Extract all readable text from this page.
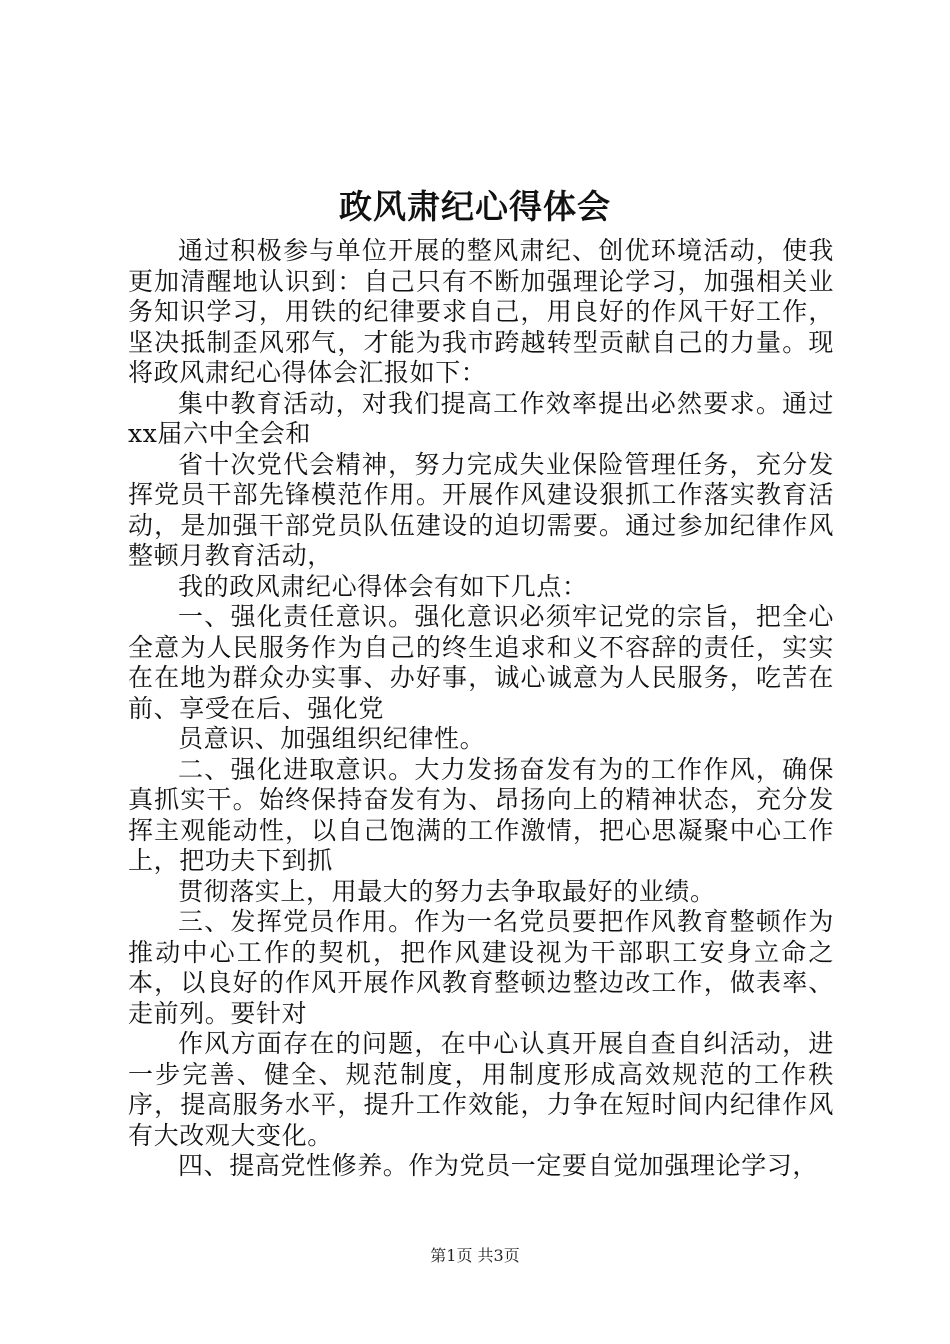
政风肃纪心得体会

通过积极参与单位开展的整风肃纪、创优环境活动，使我更加清醒地认识到：自己只有不断加强理论学习，加强相关业务知识学习，用铁的纪律要求自己，用良好的作风干好工作，坚决抵制歪风邪气，才能为我市跨越转型贡献自己的力量。现将政风肃纪心得体会汇报如下：

集中教育活动，对我们提高工作效率提出必然要求。通过xx届六中全会和

省十次党代会精神，努力完成失业保险管理任务，充分发挥党员干部先锋模范作用。开展作风建设狠抓工作落实教育活动，是加强干部党员队伍建设的迫切需要。通过参加纪律作风整顿月教育活动，

我的政风肃纪心得体会有如下几点：

一、强化责任意识。强化意识必须牢记党的宗旨，把全心全意为人民服务作为自己的终生追求和义不容辞的责任，实实在在地为群众办实事、办好事，诚心诚意为人民服务，吃苦在前、享受在后、强化党

员意识、加强组织纪律性。

二、强化进取意识。大力发扬奋发有为的工作作风，确保真抓实干。始终保持奋发有为、昂扬向上的精神状态，充分发挥主观能动性，以自己饱满的工作激情，把心思凝聚中心工作上，把功夫下到抓

贯彻落实上，用最大的努力去争取最好的业绩。

三、发挥党员作用。作为一名党员要把作风教育整顿作为推动中心工作的契机，把作风建设视为干部职工安身立命之本，以良好的作风开展作风教育整顿边整边改工作，做表率、走前列。要针对

作风方面存在的问题，在中心认真开展自查自纠活动，进一步完善、健全、规范制度，用制度形成高效规范的工作秩序，提高服务水平，提升工作效能，力争在短时间内纪律作风有大改观大变化。

四、提高党性修养。作为党员一定要自觉加强理论学习，

第1页 共3页
